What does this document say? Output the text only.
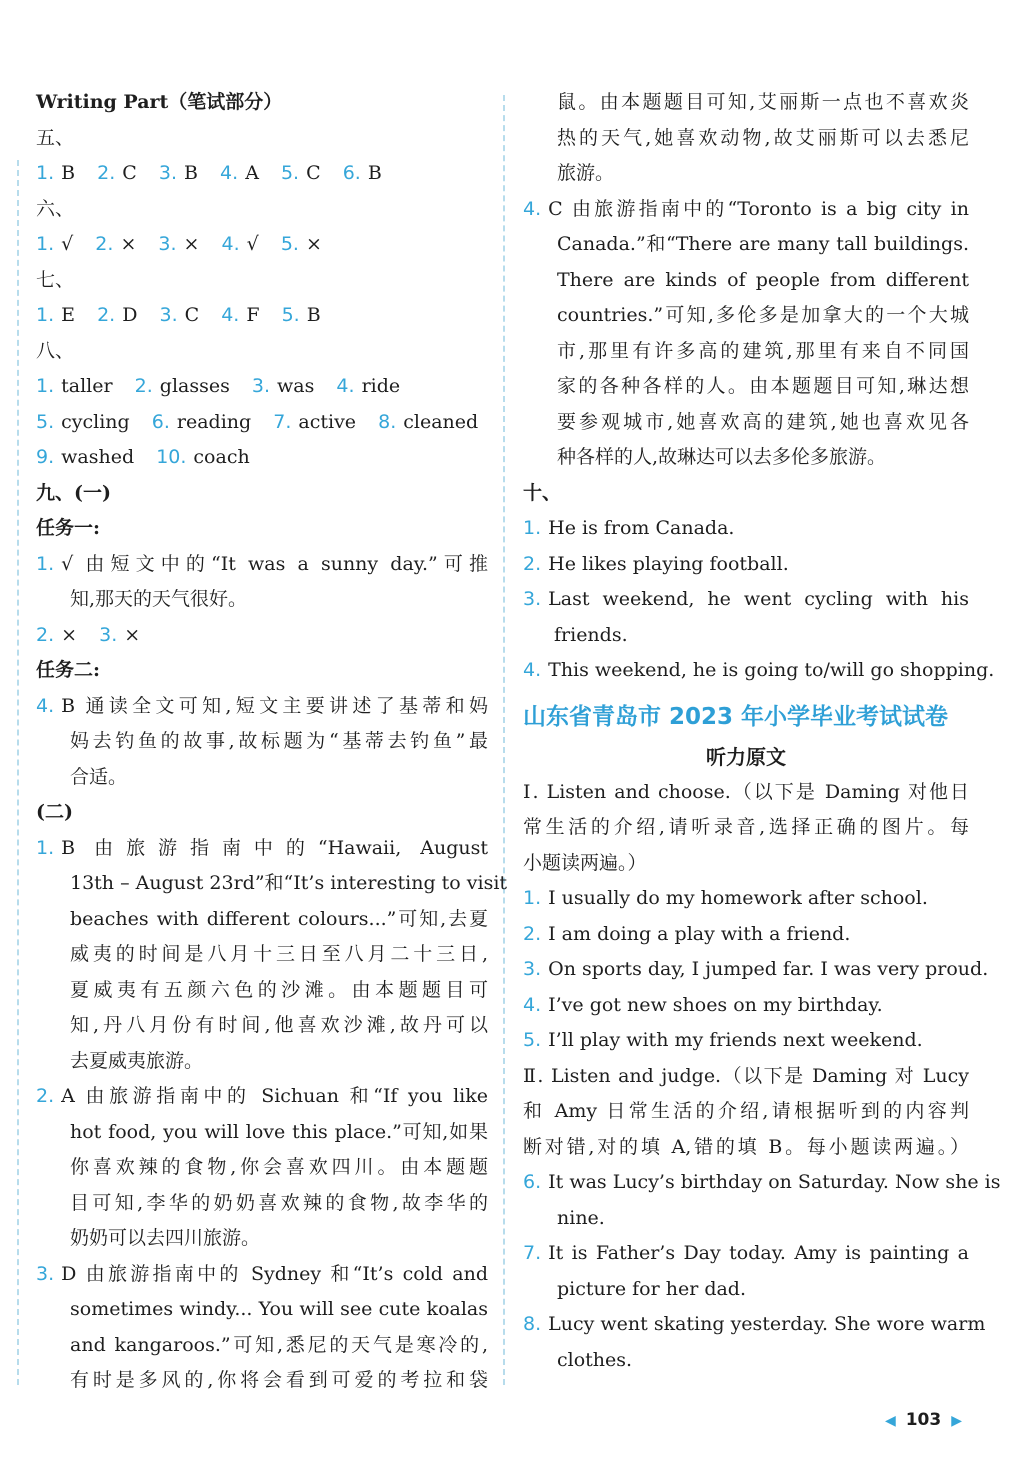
Writing Part（笔试部分）
五、
1. B 2. C 3. B 4. A 5. C 6. B
六、
1. √ 2. × 3. × 4. √ 5. ×
七、
1. E 2. D 3. C 4. F 5. B
八、
1. taller 2. glasses 3. was 4. ride
5. cycling 6. reading 7. active 8. cleaned
9. washed 10. coach
九、(一)
任务一:
1. √ 由短文中的“It was a sunny day.”可推
知,那天的天气很好。
2. × 3. ×
任务二:
4. B 通读全文可知,短文主要讲述了基蒂和妈
妈去钓鱼的故事,故标题为“基蒂去钓鱼”最
合适。
(二)
1. B 由旅游指南中的“Hawaii, August
13th – August 23rd”和“It’s interesting to visit
beaches with different colours...”可知,去夏
威夷的时间是八月十三日至八月二十三日,
夏威夷有五颜六色的沙滩。由本题题目可
知,丹八月份有时间,他喜欢沙滩,故丹可以
去夏威夷旅游。
2. A 由旅游指南中的 Sichuan 和“If you like
hot food, you will love this place.”可知,如果
你喜欢辣的食物,你会喜欢四川。由本题题
目可知,李华的奶奶喜欢辣的食物,故李华的
奶奶可以去四川旅游。
3. D 由旅游指南中的 Sydney 和“It’s cold and
sometimes windy... You will see cute koalas
and kangaroos.”可知,悉尼的天气是寒冷的,
有时是多风的,你将会看到可爱的考拉和袋
鼠。由本题题目可知,艾丽斯一点也不喜欢炎
热的天气,她喜欢动物,故艾丽斯可以去悉尼
旅游。
4. C 由旅游指南中的“Toronto is a big city in
Canada.”和“There are many tall buildings.
There are kinds of people from different
countries.”可知,多伦多是加拿大的一个大城
市,那里有许多高的建筑,那里有来自不同国
家的各种各样的人。由本题题目可知,琳达想
要参观城市,她喜欢高的建筑,她也喜欢见各
种各样的人,故琳达可以去多伦多旅游。
十、
1. He is from Canada.
2. He likes playing football.
3. Last weekend, he went cycling with his
friends.
4. This weekend, he is going to/will go shopping.
山东省青岛市 2023 年小学毕业考试试卷
听力原文
Ⅰ. Listen and choose.（以下是 Daming 对他日
常生活的介绍,请听录音,选择正确的图片。每
小题读两遍。）
1. I usually do my homework after school.
2. I am doing a play with a friend.
3. On sports day, I jumped far. I was very proud.
4. I’ve got new shoes on my birthday.
5. I’ll play with my friends next weekend.
Ⅱ. Listen and judge.（以下是 Daming 对 Lucy
和 Amy 日常生活的介绍,请根据听到的内容判
断对错,对的填 A,错的填 B。每小题读两遍。）
6. It was Lucy’s birthday on Saturday. Now she is
nine.
7. It is Father’s Day today. Amy is painting a
picture for her dad.
8. Lucy went skating yesterday. She wore warm
clothes.
◀ 103 ▶
